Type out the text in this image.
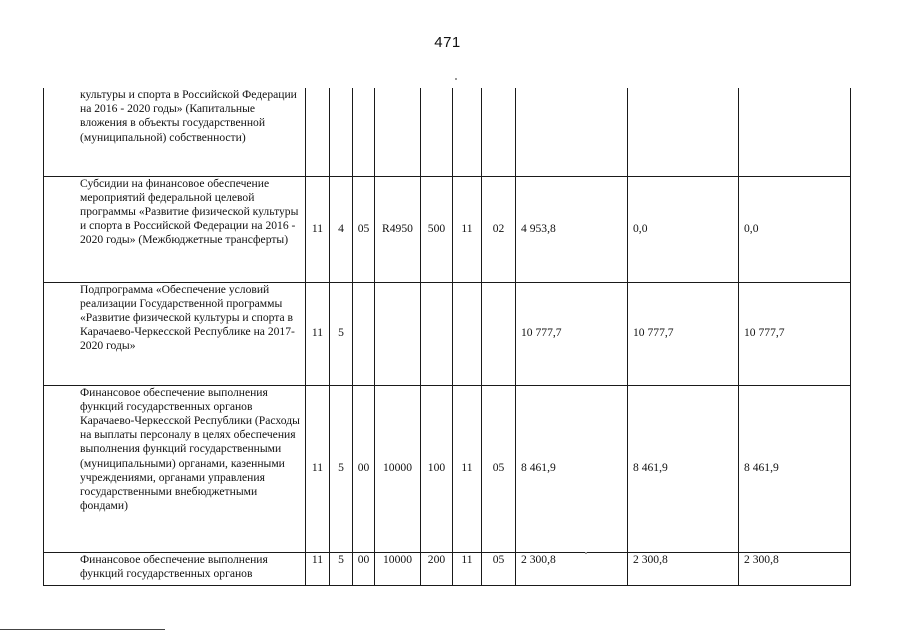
471
культуры и спорта в Российской Федерации на 2016 - 2020 годы» (Капитальные вложения в объекты государственной (муниципальной) собственности)										
Субсидии на финансовое обеспечение мероприятий федеральной целевой программы «Развитие физической культуры и спорта в Российской Федерации на 2016 - 2020 годы» (Межбюджетные трансферты)	11	4	05	R4950	500	11	02	4 953,8	0,0	0,0
Подпрограмма «Обеспечение условий реализации Государственной программы «Развитие физической культуры и спорта в Карачаево-Черкесской Республике на 2017-2020 годы»	11	5						10 777,7	10 777,7	10 777,7
Финансовое обеспечение выполнения функций государственных органов Карачаево-Черкесской Республики (Расходы на выплаты персоналу в целях обеспечения выполнения функций государственными (муниципальными) органами, казенными учреждениями, органами управления государственными внебюджетными фондами)	11	5	00	10000	100	11	05	8 461,9	8 461,9	8 461,9
Финансовое обеспечение выполнения функций государственных органов	11	5	00	10000	200	11	05	2 300,8	2 300,8	2 300,8
